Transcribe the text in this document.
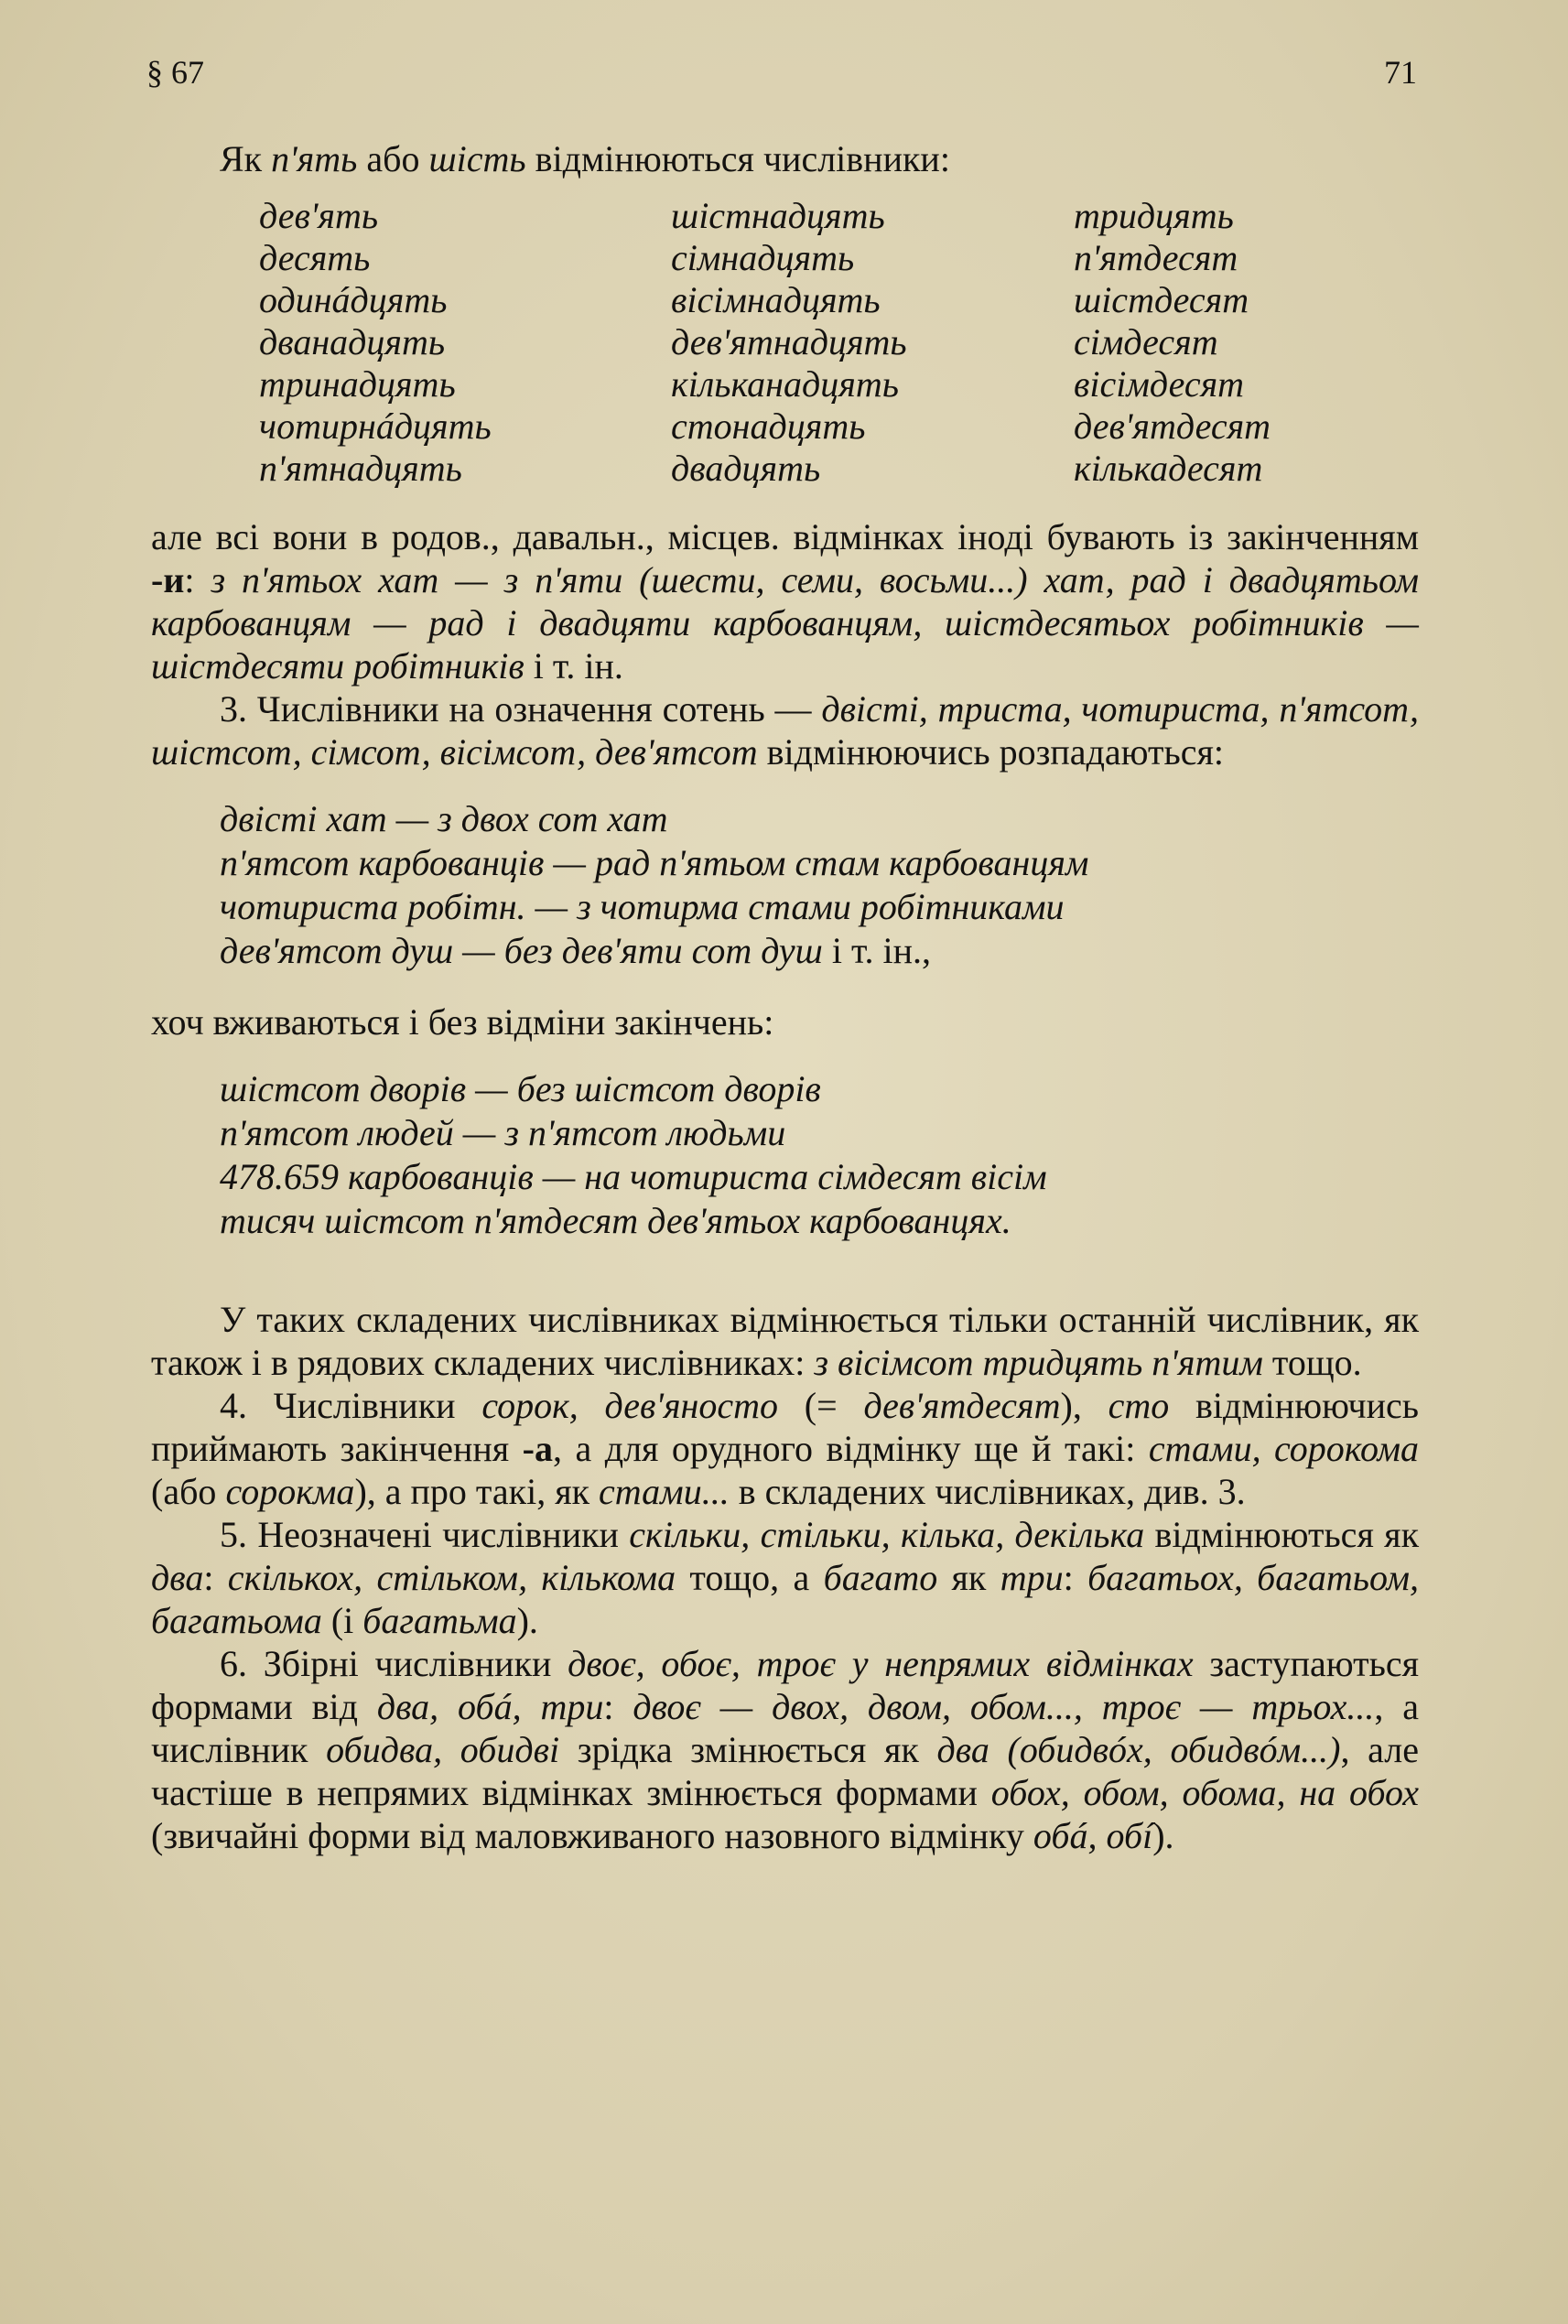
§ 67	71

Як п'ять або шість відмінюються числівники:

дев'ять	шістнадцять	тридцять
десять	сімнадцять	п'ятдесят
одинáдцять	вісімнадцять	шістдесят
дванадцять	дев'ятнадцять	сімдесят
тринадцять	кільканадцять	вісімдесят
чотирнáдцять	стонадцять	дев'ятдесят
п'ятнадцять	двадцять	кількадесят

але всі вони в родов., давальн., місцев. відмінках іноді бувають із закінченням -и: з п'ятьох хат — з п'яти (шести, семи, восьми...) хат, рад і двадцятьом карбованцям — рад і двадцяти карбованцям, шістдесятьох робітників — шістдесяти робітників і т. ін.

3. Числівники на означення сотень — двісті, триста, чотириста, п'ятсот, шістсот, сімсот, вісімсот, дев'ятсот відмінюючись розпадаються:

двісті хат — з двох сот хат
п'ятсот карбованців — рад п'ятьом стам карбованцям
чотириста робітн. — з чотирма стами робітниками
дев'ятсот душ — без дев'яти сот душ і т. ін.,

хоч вживаються і без відміни закінчень:

шістсот дворів — без шістсот дворів
п'ятсот людей — з п'ятсот людьми
478.659 карбованців — на чотириста сімдесят вісім
тисяч шістсот п'ятдесят дев'ятьох карбованцях.

У таких складених числівниках відмінюється тільки останній числівник, як також і в рядових складених числівниках: з вісімсот тридцять п'ятим тощо.

4. Числівники сорок, дев'яносто (= дев'ятдесят), сто відмінюючись приймають закінчення -а, а для орудного відмінку ще й такі: стами, сорокома (або сорокма), а про такі, як стами... в складених числівниках, див. 3.

5. Неозначені числівники скільки, стільки, кілька, декілька відмінюються як два: скількох, стільком, кількома тощо, а багато як три: багатьох, багатьом, багатьома (і багатьма).

6. Збірні числівники двоє, обоє, троє у непрямих відмінках заступаються формами від два, обá, три: двоє — двох, двом, обом..., троє — трьох..., а числівник обидва, обидві зрідка змінюється як два (обидвóх, обидвóм...), але частіше в непрямих відмінках змінюється формами обох, обом, обома, на обох (звичайні форми від маловживаного назовного відмінку обá, обí).
